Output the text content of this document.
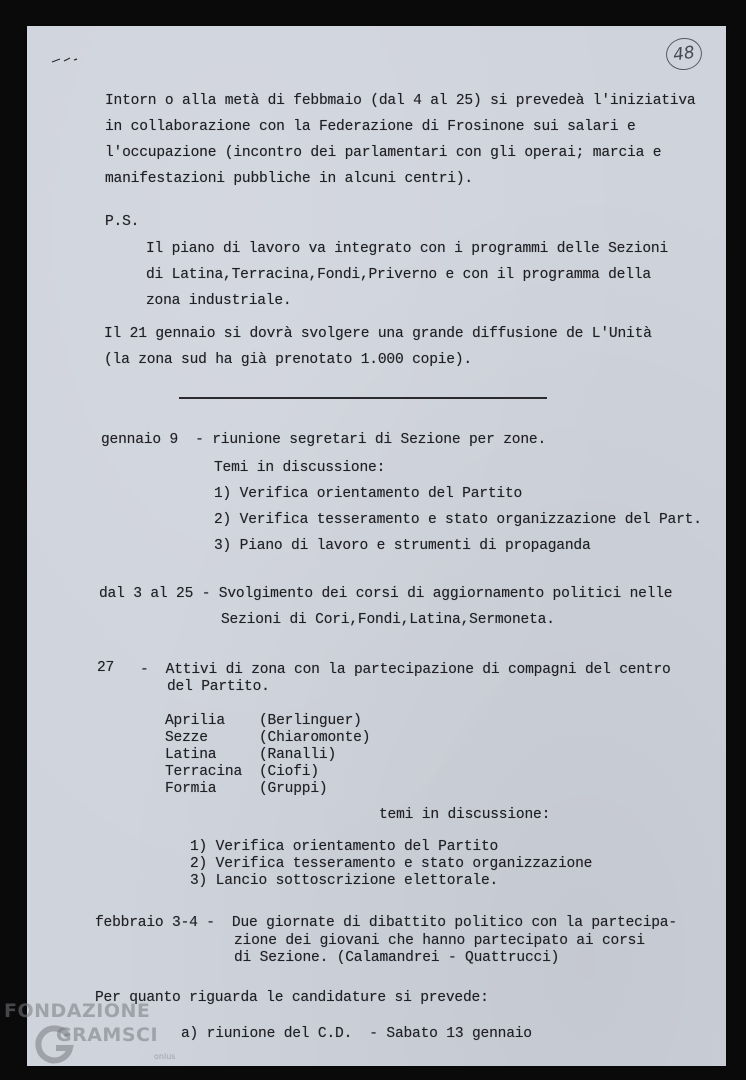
48

Intorn o alla metà di febbmaio (dal 4 al 25) si prevedeà l'iniziativa

in collaborazione con la Federazione di Frosinone sui salari e

l'occupazione (incontro dei parlamentari con gli operai; marcia e

manifestazioni pubbliche in alcuni centri).

P.S.

Il piano di lavoro va integrato con i programmi delle Sezioni

di Latina,Terracina,Fondi,Priverno e con il programma della

zona industriale.

Il 21 gennaio si dovrà svolgere una grande diffusione de L'Unità

(la zona sud ha già prenotato 1.000 copie).

gennaio 9  - riunione segretari di Sezione per zone.

Temi in discussione:

1) Verifica orientamento del Partito

2) Verifica tesseramento e stato organizzazione del Part.

3) Piano di lavoro e strumenti di propaganda

dal 3 al 25 - Svolgimento dei corsi di aggiornamento politici nelle

Sezioni di Cori,Fondi,Latina,Sermoneta.

27 -  Attivi di zona con la partecipazione di compagni del centro

del Partito.

Aprilia (Berlinguer)

Sezze	(Chiaromonte)

Latina	(Ranalli)

Terracina (Ciofi)

Formia	(Gruppi)

temi in discussione:

1) Verifica orientamento del Partito

2) Verifica tesseramento e stato organizzazione

3) Lancio sottoscrizione elettorale.

febbraio 3-4 -  Due giornate di dibattito politico con la partecipa-

zione dei giovani che hanno partecipato ai corsi

di Sezione. (Calamandrei - Quattrucci)

Per quanto riguarda le candidature si prevede:

a) riunione del C.D.  - Sabato 13 gennaio

FONDAZIONE
GRAMSCI
onlus
